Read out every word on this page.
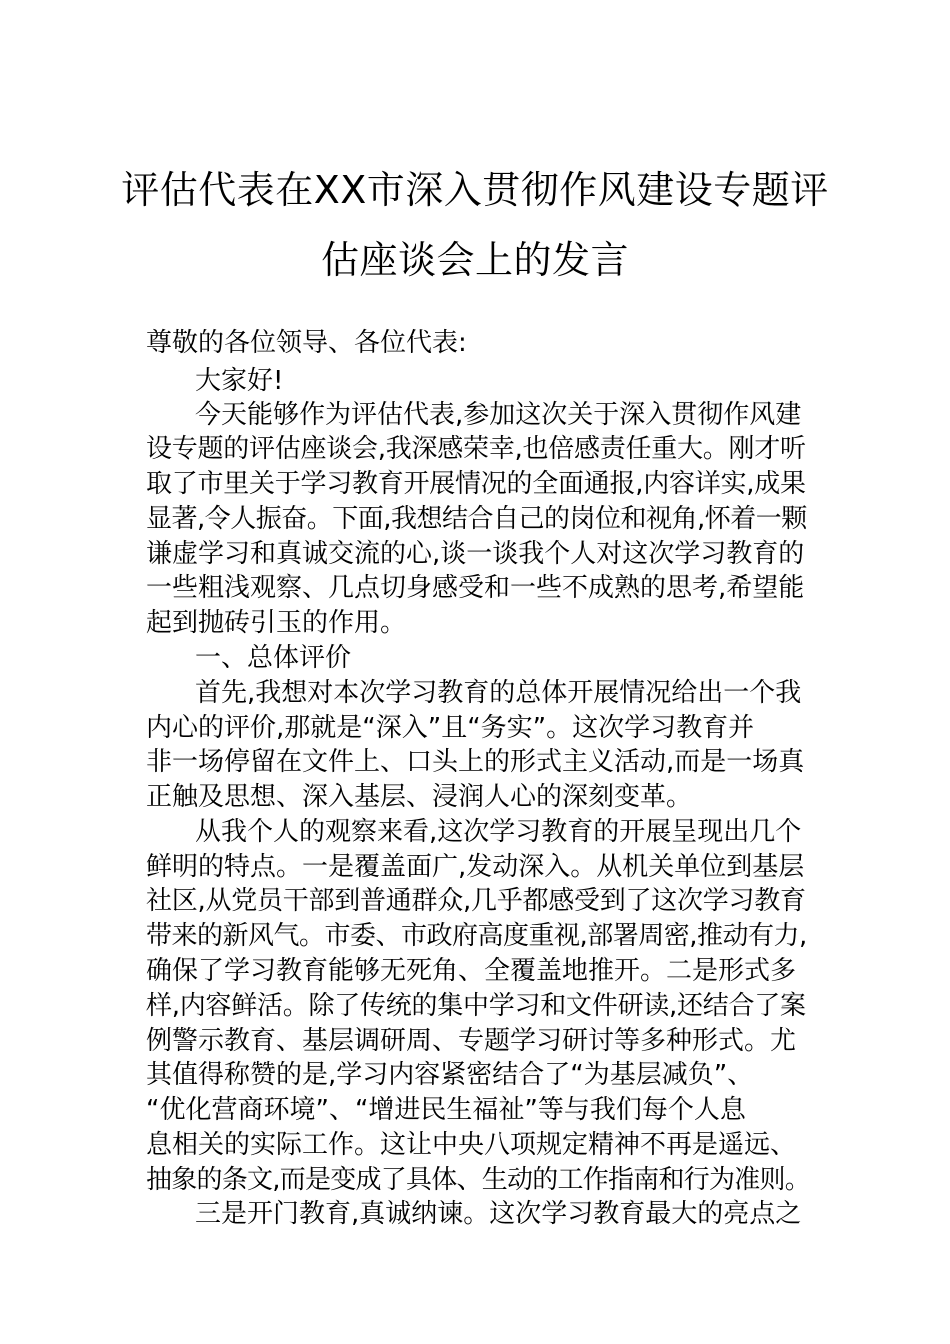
评估代表在XX市深入贯彻作风建设专题评
估座谈会上的发言
尊敬的各位领导、各位代表:
大家好!
今天能够作为评估代表,参加这次关于深入贯彻作风建
设专题的评估座谈会,我深感荣幸,也倍感责任重大。刚才听
取了市里关于学习教育开展情况的全面通报,内容详实,成果
显著,令人振奋。下面,我想结合自己的岗位和视角,怀着一颗
谦虚学习和真诚交流的心,谈一谈我个人对这次学习教育的
一些粗浅观察、几点切身感受和一些不成熟的思考,希望能
起到抛砖引玉的作用。
一、总体评价
首先,我想对本次学习教育的总体开展情况给出一个我
内心的评价,那就是“深入”且“务实”。这次学习教育并
非一场停留在文件上、口头上的形式主义活动,而是一场真
正触及思想、深入基层、浸润人心的深刻变革。
从我个人的观察来看,这次学习教育的开展呈现出几个
鲜明的特点。一是覆盖面广,发动深入。从机关单位到基层
社区,从党员干部到普通群众,几乎都感受到了这次学习教育
带来的新风气。市委、市政府高度重视,部署周密,推动有力,
确保了学习教育能够无死角、全覆盖地推开。二是形式多
样,内容鲜活。除了传统的集中学习和文件研读,还结合了案
例警示教育、基层调研周、专题学习研讨等多种形式。尤
其值得称赞的是,学习内容紧密结合了“为基层减负”、
“优化营商环境”、“增进民生福祉”等与我们每个人息
息相关的实际工作。这让中央八项规定精神不再是遥远、
抽象的条文,而是变成了具体、生动的工作指南和行为准则。
三是开门教育,真诚纳谏。这次学习教育最大的亮点之
